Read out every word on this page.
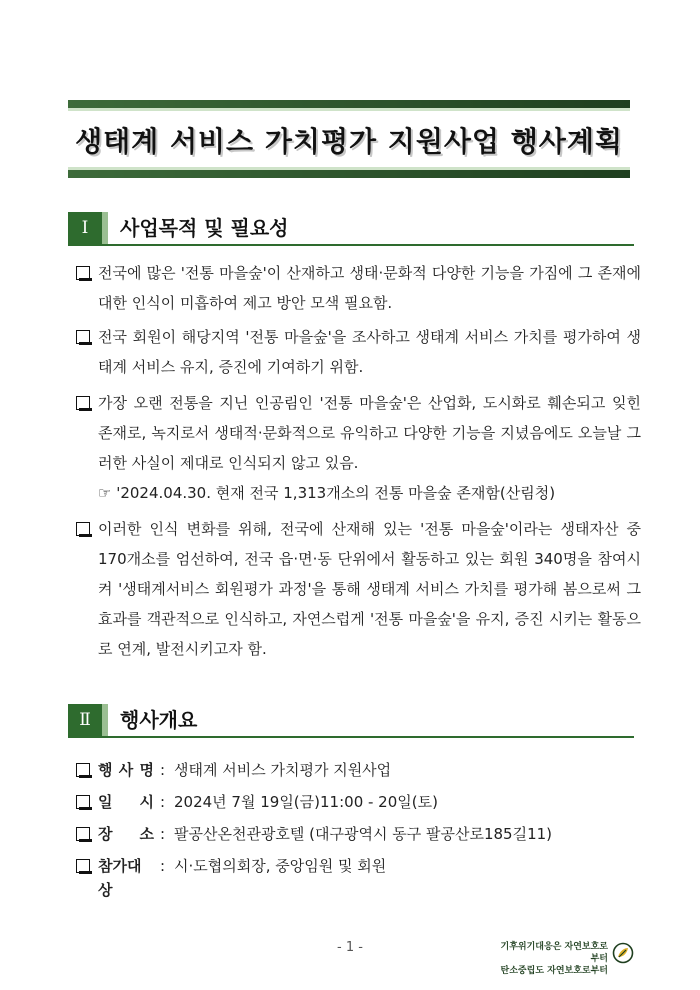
생태계 서비스 가치평가 지원사업 행사계획
Ⅰ	사업목적 및 필요성
전국에 많은 '전통 마을숲'이 산재하고 생태·문화적 다양한 기능을 가짐에 그 존재에 대한 인식이 미흡하여 제고 방안 모색 필요함.
전국 회원이 해당지역 '전통 마을숲'을 조사하고 생태계 서비스 가치를 평가하여 생태계 서비스 유지, 증진에 기여하기 위함.
가장 오랜 전통을 지닌 인공림인 '전통 마을숲'은 산업화, 도시화로 훼손되고 잊힌 존재로, 녹지로서 생태적·문화적으로 유익하고 다양한 기능을 지녔음에도 오늘날 그러한 사실이 제대로 인식되지 않고 있음.
☞ '2024.04.30. 현재 전국 1,313개소의 전통 마을숲 존재함(산림청)
이러한 인식 변화를 위해, 전국에 산재해 있는 '전통 마을숲'이라는 생태자산 중 170개소를 엄선하여, 전국 읍·면·동 단위에서 활동하고 있는 회원 340명을 참여시켜 '생태계서비스 회원평가 과정'을 통해 생태계 서비스 가치를 평가해 봄으로써 그 효과를 객관적으로 인식하고, 자연스럽게 '전통 마을숲'을 유지, 증진 시키는 활동으로 연계, 발전시키고자 함.
Ⅱ	행사개요
행 사 명 : 생태계 서비스 가치평가 지원사업
일 시 : 2024년 7월 19일(금)11:00 - 20일(토)
장 소 : 팔공산온천관광호텔 (대구광역시 동구 팔공산로185길11)
참가대상
: 시·도협의회장, 중앙임원 및 회원
- 1 -	기후위기대응은 자연보호로부터
탄소중립도 자연보호로부터
